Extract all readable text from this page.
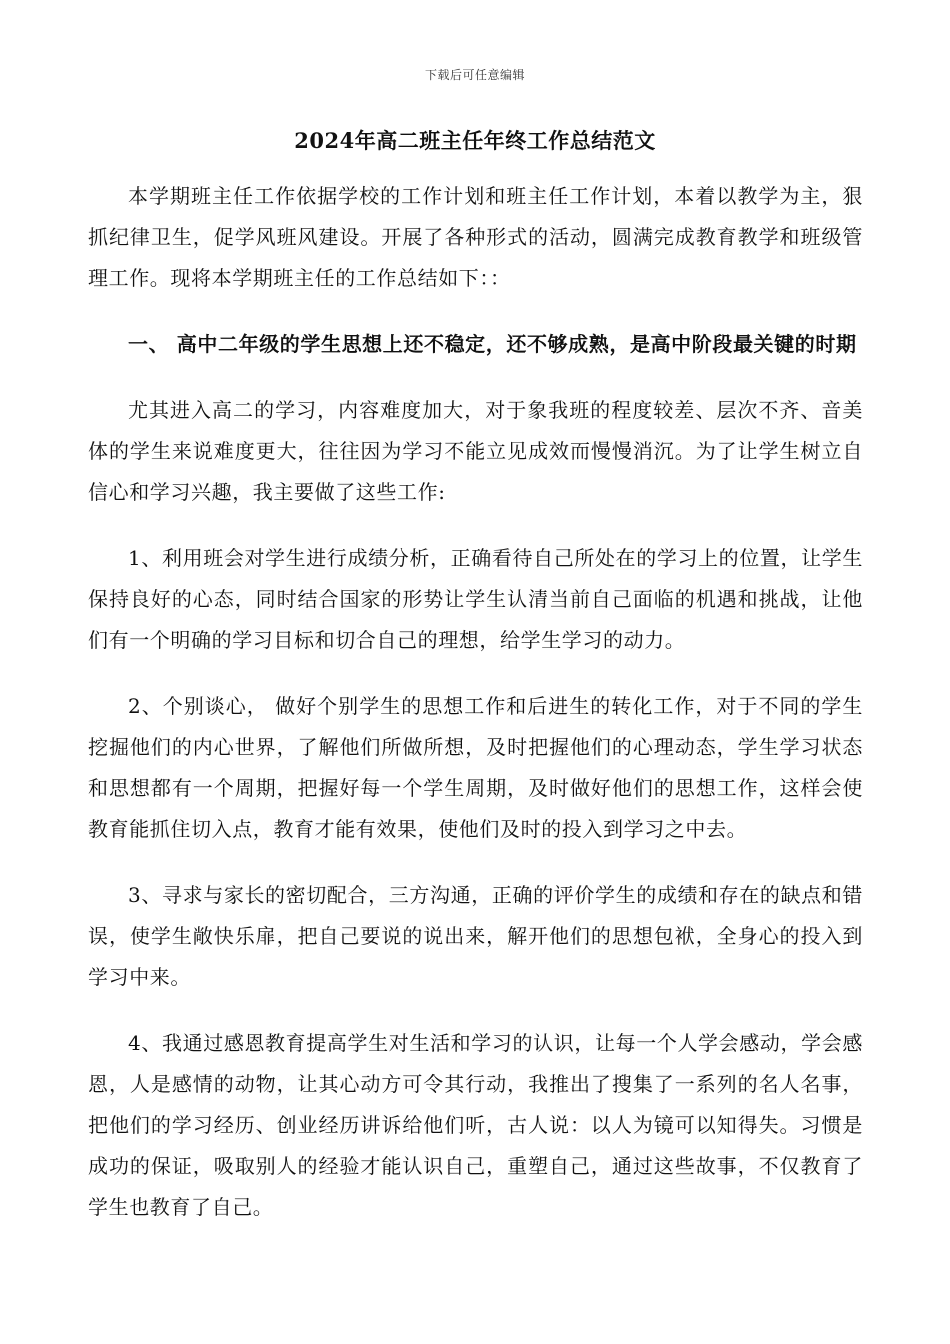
下载后可任意编辑
2024年高二班主任年终工作总结范文

本学期班主任工作依据学校的工作计划和班主任工作计划，本着以教学为主，狠抓纪律卫生，促学风班风建设。开展了各种形式的活动，圆满完成教育教学和班级管理工作。现将本学期班主任的工作总结如下：：

一、 高中二年级的学生思想上还不稳定，还不够成熟，是高中阶段最关键的时期

尤其进入高二的学习，内容难度加大，对于象我班的程度较差、层次不齐、音美体的学生来说难度更大，往往因为学习不能立见成效而慢慢消沉。为了让学生树立自信心和学习兴趣，我主要做了这些工作:

1、利用班会对学生进行成绩分析，正确看待自己所处在的学习上的位置，让学生保持良好的心态，同时结合国家的形势让学生认清当前自己面临的机遇和挑战，让他们有一个明确的学习目标和切合自己的理想，给学生学习的动力。

2、个别谈心， 做好个别学生的思想工作和后进生的转化工作，对于不同的学生挖掘他们的内心世界，了解他们所做所想，及时把握他们的心理动态，学生学习状态和思想都有一个周期，把握好每一个学生周期，及时做好他们的思想工作，这样会使教育能抓住切入点，教育才能有效果，使他们及时的投入到学习之中去。

3、寻求与家长的密切配合，三方沟通，正确的评价学生的成绩和存在的缺点和错误，使学生敞快乐扉，把自己要说的说出来，解开他们的思想包袱，全身心的投入到学习中来。

4、我通过感恩教育提高学生对生活和学习的认识，让每一个人学会感动，学会感恩，人是感情的动物，让其心动方可令其行动，我推出了搜集了一系列的名人名事，把他们的学习经历、创业经历讲诉给他们听，古人说：以人为镜可以知得失。习惯是成功的保证，吸取别人的经验才能认识自己，重塑自己，通过这些故事，不仅教育了学生也教育了自己。
